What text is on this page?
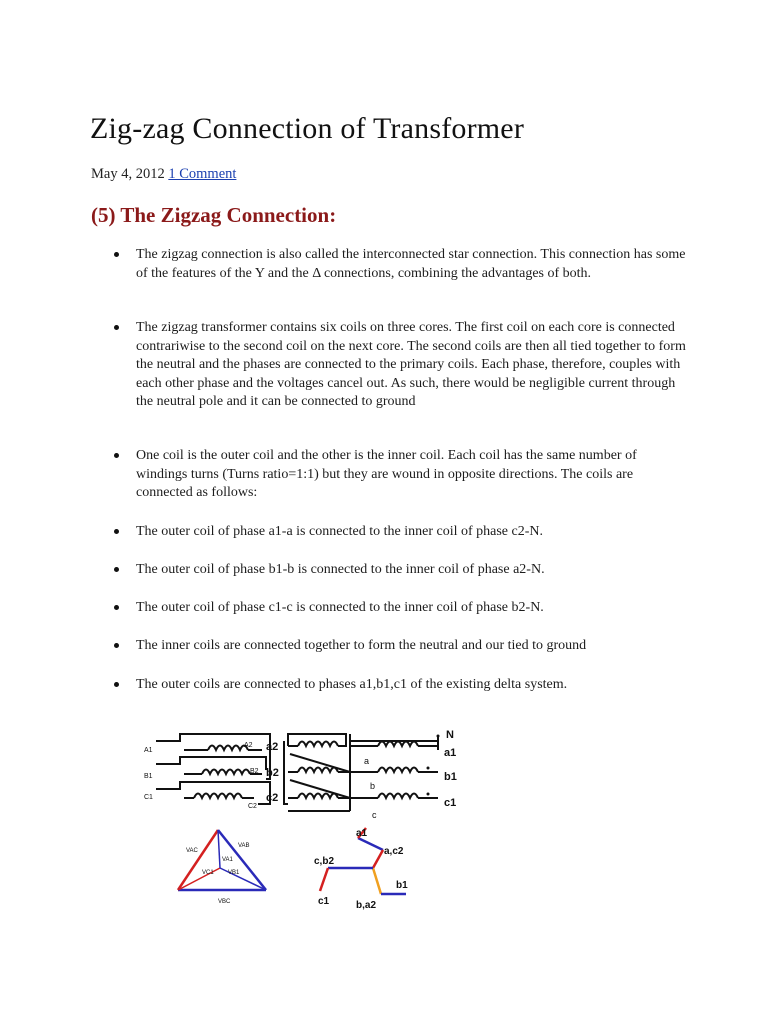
Zig-zag Connection of Transformer
May 4, 2012 1 Comment
(5) The Zigzag Connection:
The zigzag connection is also called the interconnected star connection. This connection has some of the features of the Y and the Δ connections, combining the advantages of both.
The zigzag transformer contains six coils on three cores. The first coil on each core is connected contrariwise to the second coil on the next core. The second coils are then all tied together to form the neutral and the phases are connected to the primary coils. Each phase, therefore, couples with each other phase and the voltages cancel out. As such, there would be negligible current through the neutral pole and it can be connected to ground
One coil is the outer coil and the other is the inner coil. Each coil has the same number of windings turns (Turns ratio=1:1) but they are wound in opposite directions. The coils are connected as follows:
The outer coil of phase a1-a is connected to the inner coil of phase c2-N.
The outer coil of phase b1-b is connected to the inner coil of phase a2-N.
The outer coil of phase c1-c is connected to the inner coil of phase b2-N.
The inner coils are connected together to form the neutral and our tied to ground
The outer coils are connected to phases a1,b1,c1 of the existing delta system.
A1
B1
C1
A2
B2
C2
a2
b2
c2
N
a1
b1
c1
a
b
c
VAC
VAB
VA1
VC1 VB1
VBC
a1
a,c2
c,b2
b1
c1	b,a2
